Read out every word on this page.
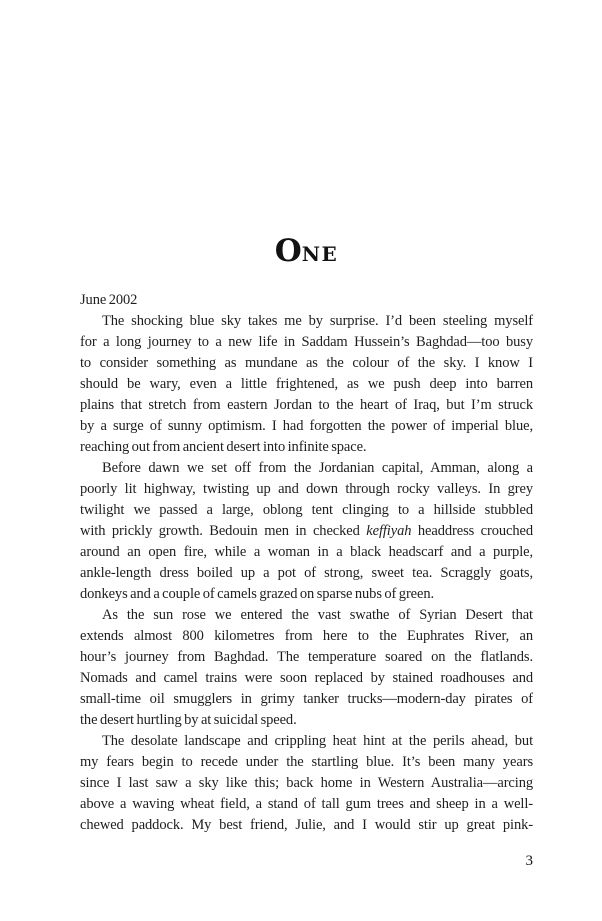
ONE
June 2002
The shocking blue sky takes me by surprise. I’d been steeling myself
for a long journey to a new life in Saddam Hussein’s Baghdad—too busy
to consider something as mundane as the colour of the sky. I know I
should be wary, even a little frightened, as we push deep into barren
plains that stretch from eastern Jordan to the heart of Iraq, but I’m struck
by a surge of sunny optimism. I had forgotten the power of imperial blue,
reaching out from ancient desert into infinite space.
Before dawn we set off from the Jordanian capital, Amman, along a
poorly lit highway, twisting up and down through rocky valleys. In grey
twilight we passed a large, oblong tent clinging to a hillside stubbled
with prickly growth. Bedouin men in checked keffiyah headdress crouched
around an open fire, while a woman in a black headscarf and a purple,
ankle-length dress boiled up a pot of strong, sweet tea. Scraggly goats,
donkeys and a couple of camels grazed on sparse nubs of green.
As the sun rose we entered the vast swathe of Syrian Desert that
extends almost 800 kilometres from here to the Euphrates River, an
hour’s journey from Baghdad. The temperature soared on the flatlands.
Nomads and camel trains were soon replaced by stained roadhouses and
small-time oil smugglers in grimy tanker trucks—modern-day pirates of
the desert hurtling by at suicidal speed.
The desolate landscape and crippling heat hint at the perils ahead, but
my fears begin to recede under the startling blue. It’s been many years
since I last saw a sky like this; back home in Western Australia—arcing
above a waving wheat field, a stand of tall gum trees and sheep in a well-
chewed paddock. My best friend, Julie, and I would stir up great pink-
3
